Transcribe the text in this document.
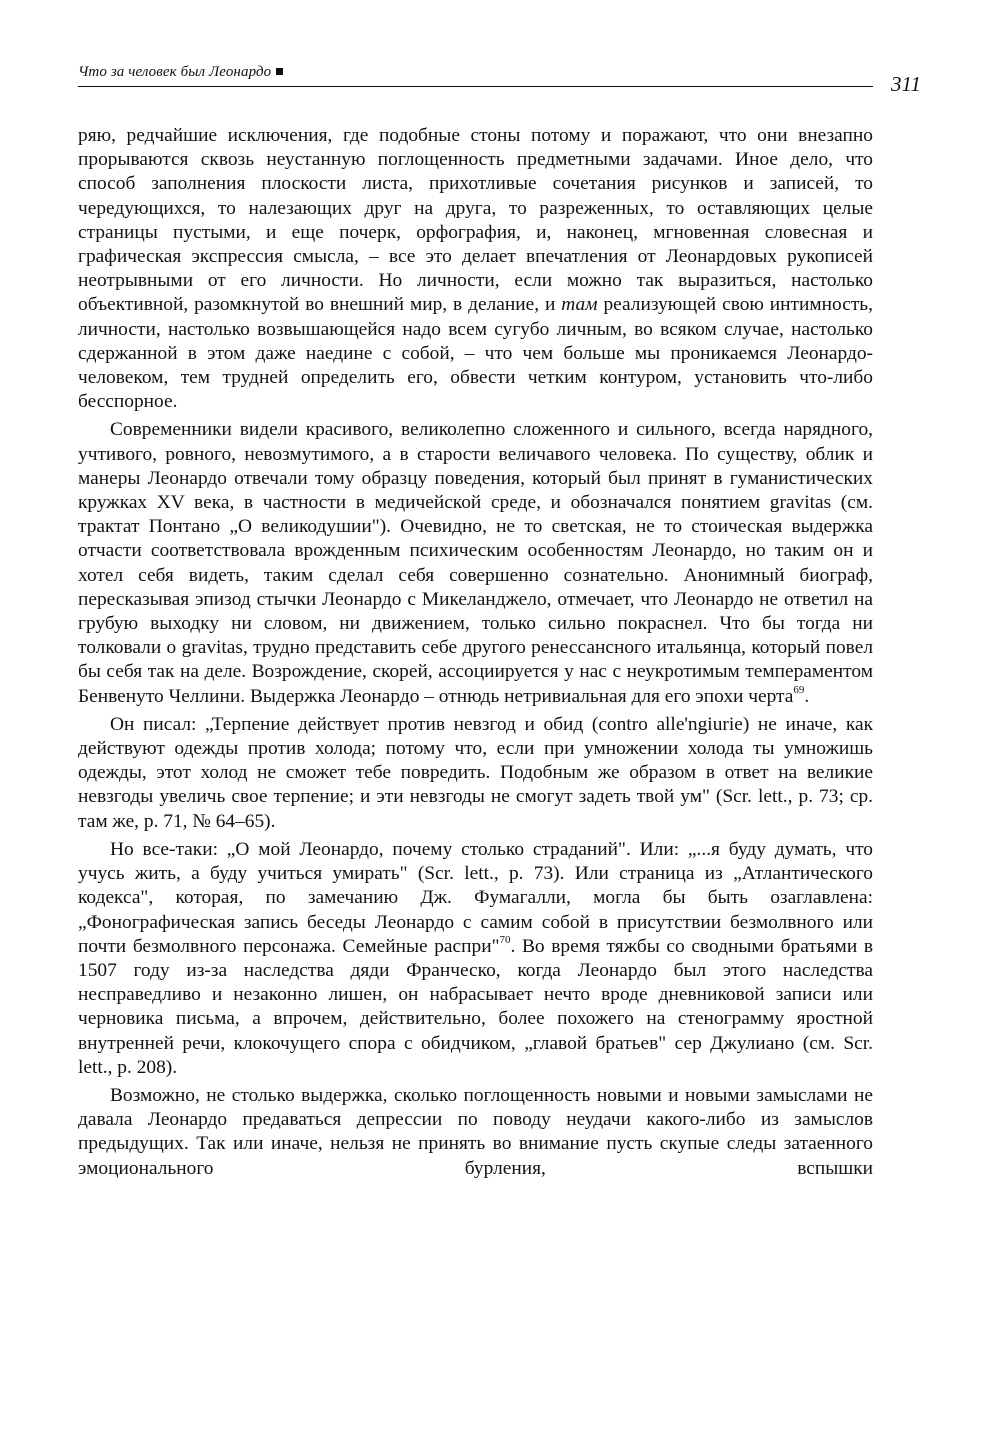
Что за человек был Леонардо	311

ряю, редчайшие исключения, где подобные стоны потому и поражают, что они внезапно прорываются сквозь неустанную поглощенность предметными задачами. Иное дело, что способ заполнения плоскости листа, прихотливые сочетания рисунков и записей, то чередующихся, то налезающих друг на друга, то разреженных, то оставляющих целые страницы пустыми, и еще почерк, орфография, и, наконец, мгновенная словесная и графическая экспрессия смысла, – все это делает впечатления от Леонардовых рукописей неотрывными от его личности. Но личности, если можно так выразиться, настолько объективной, разомкнутой во внешний мир, в делание, и там реализующей свою интимность, личности, настолько возвышающейся надо всем сугубо личным, во всяком случае, настолько сдержанной в этом даже наедине с собой, – что чем больше мы проникаемся Леонардо-человеком, тем трудней определить его, обвести четким контуром, установить что-либо бесспорное.

Современники видели красивого, великолепно сложенного и сильного, всегда нарядного, учтивого, ровного, невозмутимого, а в старости величавого человека. По существу, облик и манеры Леонардо отвечали тому образцу поведения, который был принят в гуманистических кружках XV века, в частности в медичейской среде, и обозначался понятием gravitas (см. трактат Понтано „О великодушии"). Очевидно, не то светская, не то стоическая выдержка отчасти соответствовала врожденным психическим особенностям Леонардо, но таким он и хотел себя видеть, таким сделал себя совершенно сознательно. Анонимный биограф, пересказывая эпизод стычки Леонардо с Микеланджело, отмечает, что Леонардо не ответил на грубую выходку ни словом, ни движением, только сильно покраснел. Что бы тогда ни толковали о gravitas, трудно представить себе другого ренессансного итальянца, который повел бы себя так на деле. Возрождение, скорей, ассоциируется у нас с неукротимым темпераментом Бенвенуто Челлини. Выдержка Леонардо – отнюдь нетривиальная для его эпохи черта$^{69}$.

Он писал: „Терпение действует против невзгод и обид (contro alle'ngiurie) не иначе, как действуют одежды против холода; потому что, если при умножении холода ты умножишь одежды, этот холод не сможет тебе повредить. Подобным же образом в ответ на великие невзгоды увеличь свое терпение; и эти невзгоды не смогут задеть твой ум" (Scr. lett., p. 73; ср. там же, p. 71, № 64–65).

Но все-таки: „О мой Леонардо, почему столько страданий". Или: „...я буду думать, что учусь жить, а буду учиться умирать" (Scr. lett., p. 73). Или страница из „Атлантического кодекса", которая, по замечанию Дж. Фумагалли, могла бы быть озаглавлена: „Фонографическая запись беседы Леонардо с самим собой в присутствии безмолвного или почти безмолвного персонажа. Семейные распри"$^{70}$. Во время тяжбы со сводными братьями в 1507 году из-за наследства дяди Франческо, когда Леонардо был этого наследства несправедливо и незаконно лишен, он набрасывает нечто вроде дневниковой записи или черновика письма, а впрочем, действительно, более похожего на стенограмму яростной внутренней речи, клокочущего спора с обидчиком, „главой братьев" сер Джулиано (см. Scr. lett., p. 208).

Возможно, не столько выдержка, сколько поглощенность новыми и новыми замыслами не давала Леонардо предаваться депрессии по поводу неудачи какого-либо из замыслов предыдущих. Так или иначе, нельзя не принять во внимание пусть скупые следы затаенного эмоционального бурления, вспышки
